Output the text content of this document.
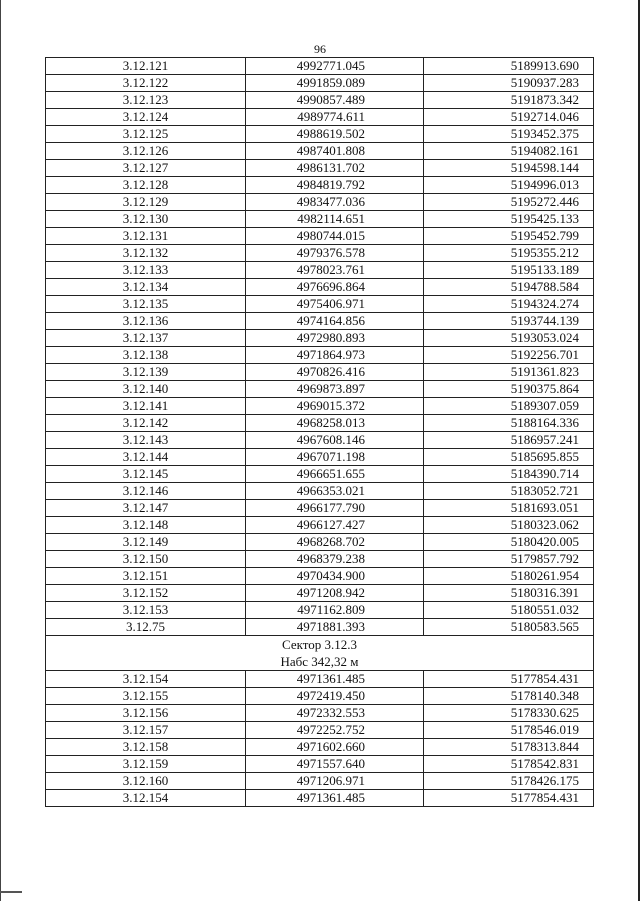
96
3.12.121	4992771.045	5189913.690
3.12.122	4991859.089	5190937.283
3.12.123	4990857.489	5191873.342
3.12.124	4989774.611	5192714.046
3.12.125	4988619.502	5193452.375
3.12.126	4987401.808	5194082.161
3.12.127	4986131.702	5194598.144
3.12.128	4984819.792	5194996.013
3.12.129	4983477.036	5195272.446
3.12.130	4982114.651	5195425.133
3.12.131	4980744.015	5195452.799
3.12.132	4979376.578	5195355.212
3.12.133	4978023.761	5195133.189
3.12.134	4976696.864	5194788.584
3.12.135	4975406.971	5194324.274
3.12.136	4974164.856	5193744.139
3.12.137	4972980.893	5193053.024
3.12.138	4971864.973	5192256.701
3.12.139	4970826.416	5191361.823
3.12.140	4969873.897	5190375.864
3.12.141	4969015.372	5189307.059
3.12.142	4968258.013	5188164.336
3.12.143	4967608.146	5186957.241
3.12.144	4967071.198	5185695.855
3.12.145	4966651.655	5184390.714
3.12.146	4966353.021	5183052.721
3.12.147	4966177.790	5181693.051
3.12.148	4966127.427	5180323.062
3.12.149	4968268.702	5180420.005
3.12.150	4968379.238	5179857.792
3.12.151	4970434.900	5180261.954
3.12.152	4971208.942	5180316.391
3.12.153	4971162.809	5180551.032
3.12.75	4971881.393	5180583.565

Сектор 3.12.3
Набс 342,32 м		

3.12.154	4971361.485	5177854.431
3.12.155	4972419.450	5178140.348
3.12.156	4972332.553	5178330.625
3.12.157	4972252.752	5178546.019
3.12.158	4971602.660	5178313.844
3.12.159	4971557.640	5178542.831
3.12.160	4971206.971	5178426.175
3.12.154	4971361.485	5177854.431
